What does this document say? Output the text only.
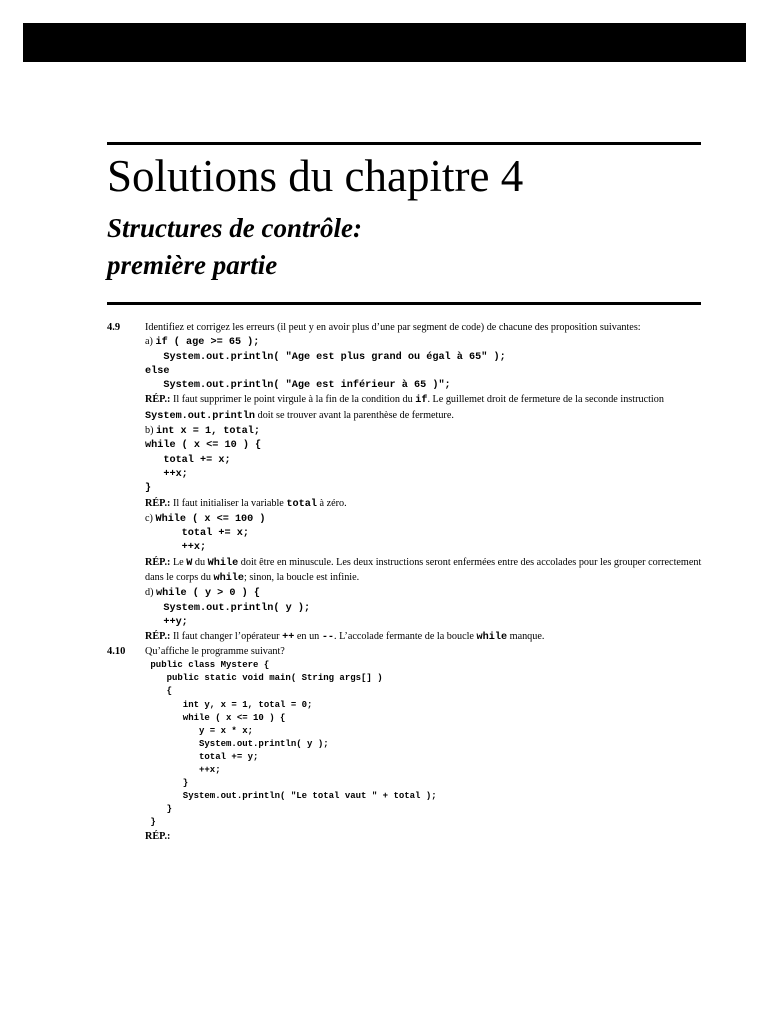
Solutions du chapitre 4
Structures de contrôle:
première partie
4.9 Identifiez et corrigez les erreurs (il peut y en avoir plus d’une par segment de code) de chacune des proposition suivantes:
a) if ( age >= 65 );
System.out.println( "Age est plus grand ou égal à 65" );
else
System.out.println( "Age est inférieur à 65 )";
RÉP.: Il faut supprimer le point virgule à la fin de la condition du if. Le guillemet droit de fermeture de la seconde instruction System.out.println doit se trouver avant la parenthèse de fermeture.
b) int x = 1, total;
while ( x <= 10 ) {
total += x;
++x;
}
RÉP.: Il faut initialiser la variable total à zéro.
c) While ( x <= 100 )
total += x;
++x;
RÉP.: Le W du While doit être en minuscule. Les deux instructions seront enfermées entre des accolades pour les grouper correctement dans le corps du while; sinon, la boucle est infinie.
d) while ( y > 0 ) {
System.out.println( y );
++y;
RÉP.: Il faut changer l’opérateur ++ en un --. L’accolade fermante de la boucle while manque.
4.10 Qu’affiche le programme suivant?
public class Mystere {
public static void main( String args[] )
{
int y, x = 1, total = 0;
while ( x <= 10 ) {
y = x * x;
System.out.println( y );
total += y;
++x;
}
System.out.println( "Le total vaut " + total );
}
}
RÉP.:
